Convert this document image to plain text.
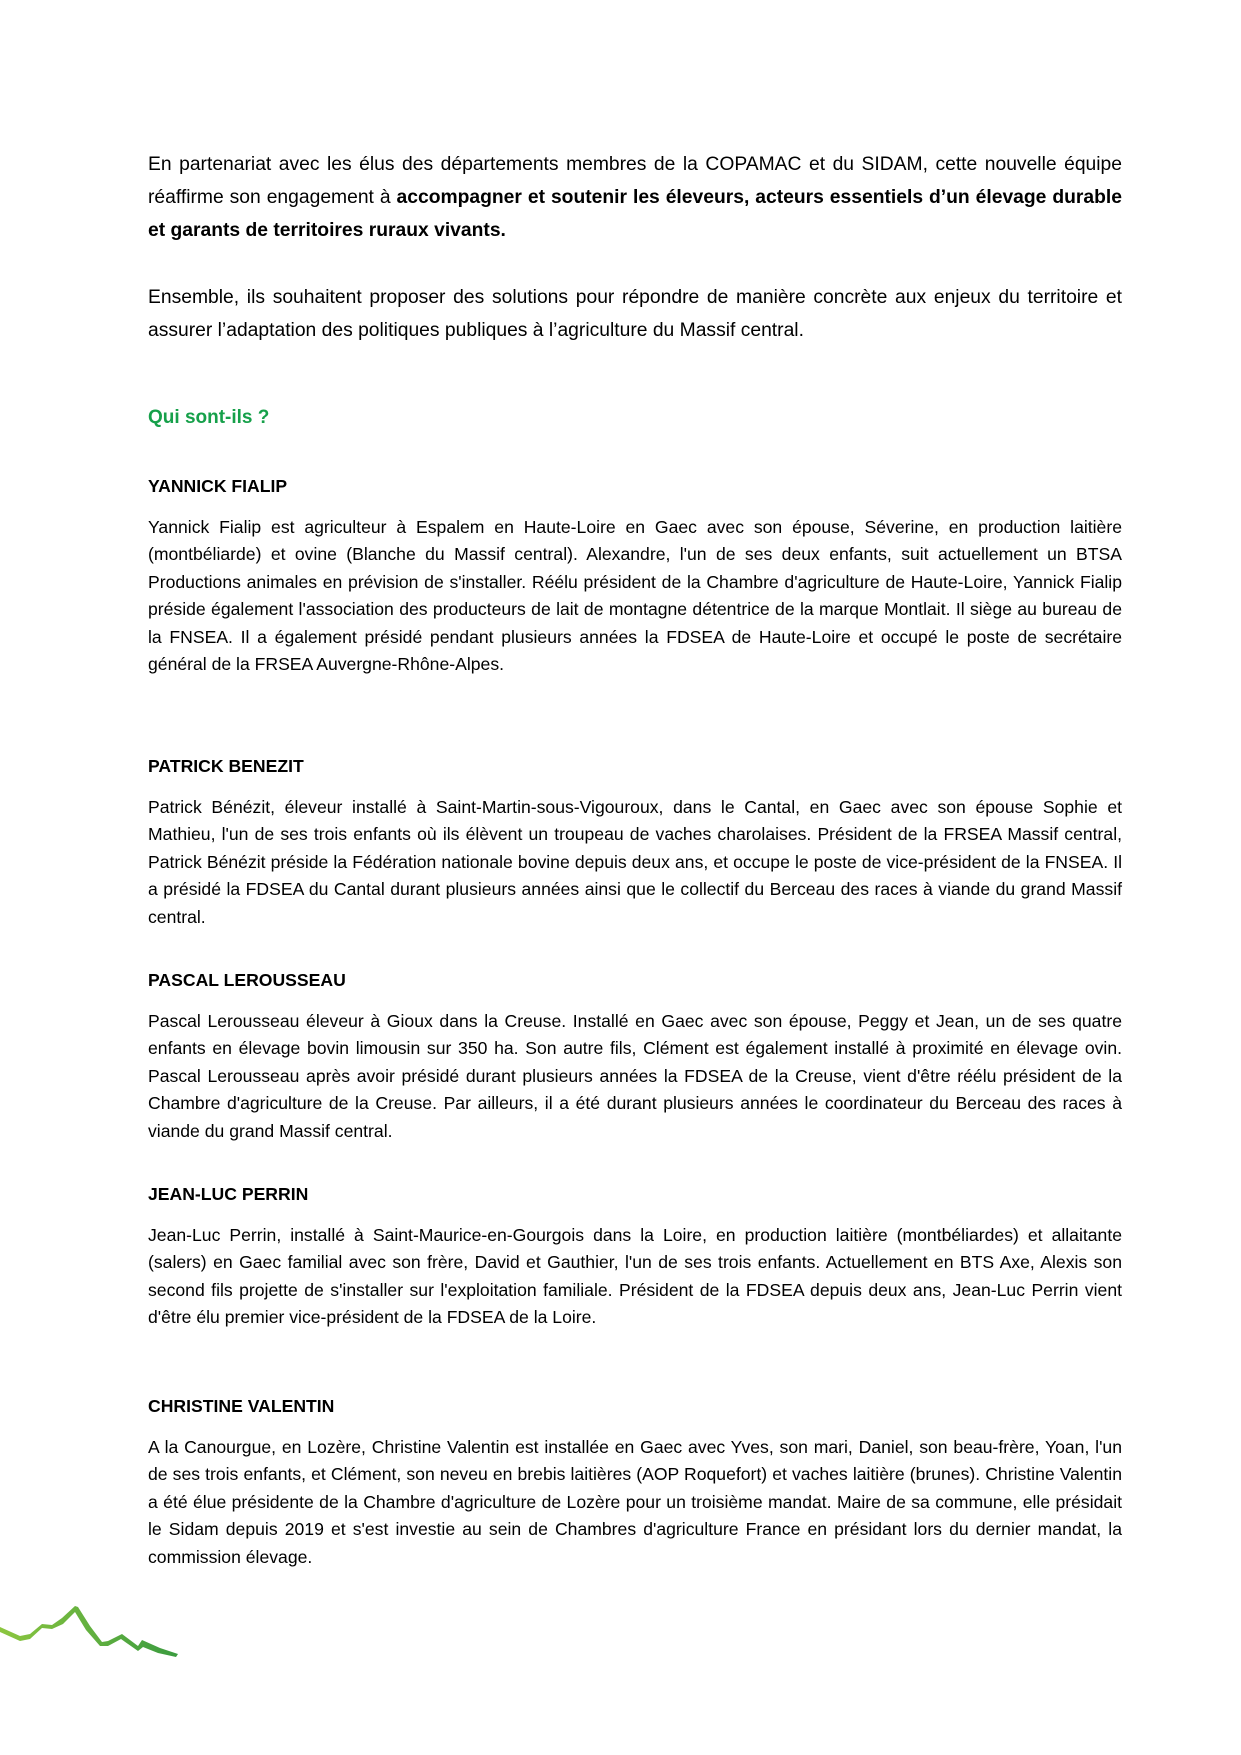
En partenariat avec les élus des départements membres de la COPAMAC et du SIDAM, cette nouvelle équipe réaffirme son engagement à accompagner et soutenir les éleveurs, acteurs essentiels d’un élevage durable et garants de territoires ruraux vivants.

Ensemble, ils souhaitent proposer des solutions pour répondre de manière concrète aux enjeux du territoire et assurer l’adaptation des politiques publiques à l’agriculture du Massif central.

Qui sont-ils ?
YANNICK FIALIP

Yannick Fialip est agriculteur à Espalem en Haute-Loire en Gaec avec son épouse, Séverine, en production laitière (montbéliarde) et ovine (Blanche du Massif central). Alexandre, l'un de ses deux enfants, suit actuellement un BTSA Productions animales en prévision de s'installer. Réélu président de la Chambre d'agriculture de Haute-Loire, Yannick Fialip préside également l'association des producteurs de lait de montagne détentrice de la marque Montlait. Il siège au bureau de la FNSEA. Il a également présidé pendant plusieurs années la FDSEA de Haute-Loire et occupé le poste de secrétaire général de la FRSEA Auvergne-Rhône-Alpes.

PATRICK BENEZIT

Patrick Bénézit, éleveur installé à Saint-Martin-sous-Vigouroux, dans le Cantal, en Gaec avec son épouse Sophie et Mathieu, l'un de ses trois enfants où ils élèvent un troupeau de vaches charolaises. Président de la FRSEA Massif central, Patrick Bénézit préside la Fédération nationale bovine depuis deux ans, et occupe le poste de vice-président de la FNSEA. Il a présidé la FDSEA du Cantal durant plusieurs années ainsi que le collectif du Berceau des races à viande du grand Massif central.

PASCAL LEROUSSEAU

Pascal Lerousseau éleveur à Gioux dans la Creuse. Installé en Gaec avec son épouse, Peggy et Jean, un de ses quatre enfants en élevage bovin limousin sur 350 ha. Son autre fils, Clément est également installé à proximité en élevage ovin. Pascal Lerousseau après avoir présidé durant plusieurs années la FDSEA de la Creuse, vient d'être réélu président de la Chambre d'agriculture de la Creuse. Par ailleurs, il a été durant plusieurs années le coordinateur du Berceau des races à viande du grand Massif central.

JEAN-LUC PERRIN

Jean-Luc Perrin, installé à Saint-Maurice-en-Gourgois dans la Loire, en production laitière (montbéliardes) et allaitante (salers) en Gaec familial avec son frère, David et Gauthier, l'un de ses trois enfants. Actuellement en BTS Axe, Alexis son second fils projette de s'installer sur l'exploitation familiale. Président de la FDSEA depuis deux ans, Jean-Luc Perrin vient d'être élu premier vice-président de la FDSEA de la Loire.

CHRISTINE VALENTIN

A la Canourgue, en Lozère, Christine Valentin est installée en Gaec avec Yves, son mari, Daniel, son beau-frère, Yoan, l'un de ses trois enfants, et Clément, son neveu en brebis laitières (AOP Roquefort) et vaches laitière (brunes). Christine Valentin a été élue présidente de la Chambre d'agriculture de Lozère pour un troisième mandat. Maire de sa commune, elle présidait le Sidam depuis 2019 et s'est investie au sein de Chambres d'agriculture France en présidant lors du dernier mandat, la commission élevage.
